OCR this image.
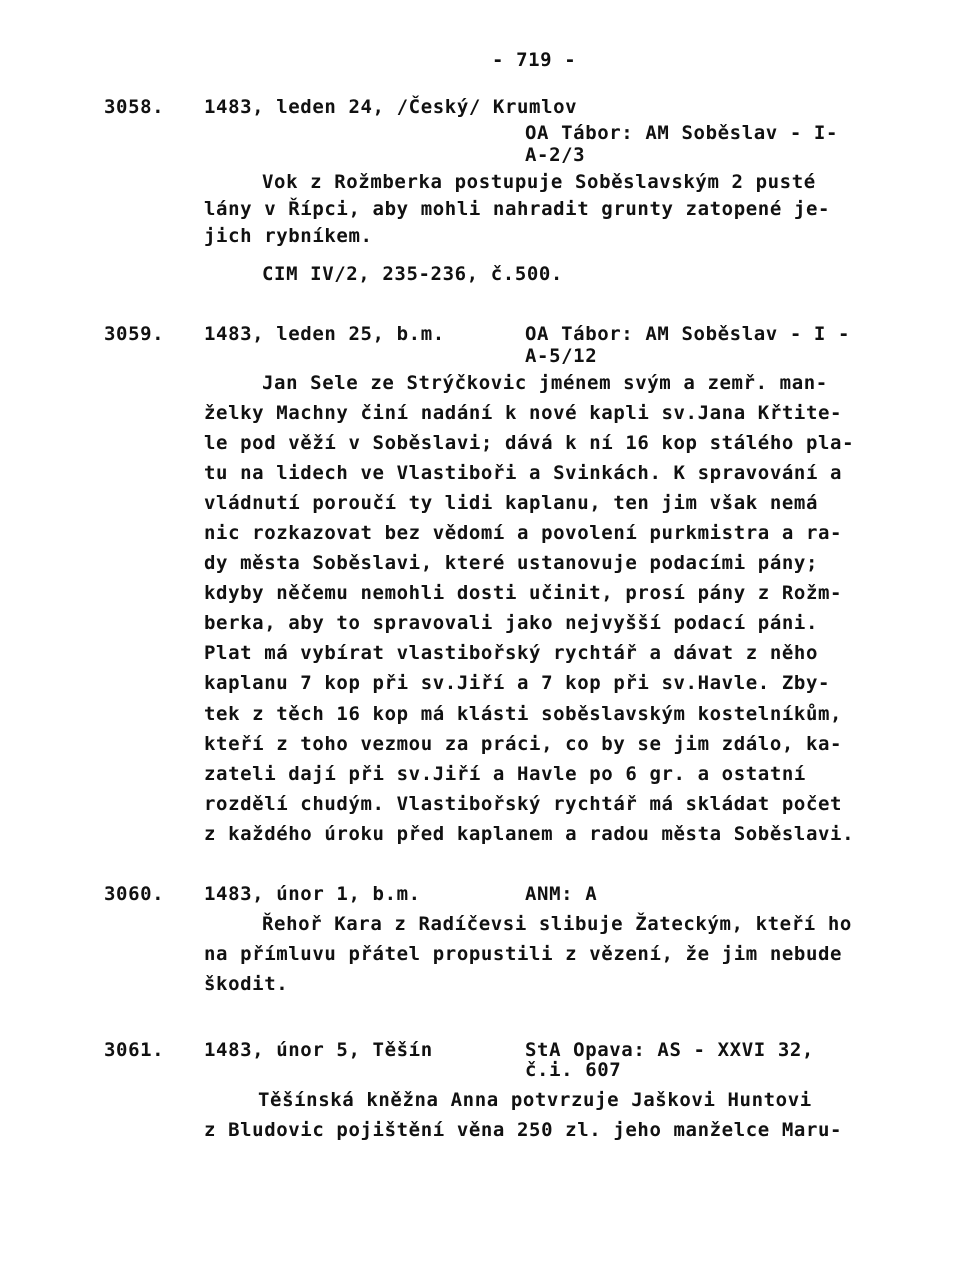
- 719 -
3058. 1483, leden 24, /Český/ Krumlov
OA Tábor: AM Soběslav - I-
A-2/3
Vok z Rožmberka postupuje Soběslavským 2 pusté
lány v Řípci, aby mohli nahradit grunty zatopené je-
jich rybníkem.
CIM IV/2, 235-236, č.500.
3059. 1483, leden 25, b.m.	OA Tábor: AM Soběslav - I -
A-5/12
Jan Sele ze Strýčkovic jménem svým a zemř. man-
želky Machny činí nadání k nové kapli sv.Jana Křtite-
le pod věží v Soběslavi; dává k ní 16 kop stálého pla-
tu na lidech ve Vlastiboři a Svinkách. K spravování a
vládnutí poroučí ty lidi kaplanu, ten jim však nemá
nic rozkazovat bez vědomí a povolení purkmistra a ra-
dy města Soběslavi, které ustanovuje podacími pány;
kdyby něčemu nemohli dosti učinit, prosí pány z Rožm-
berka, aby to spravovali jako nejvyšší podací páni.
Plat má vybírat vlastibořský rychtář a dávat z něho
kaplanu 7 kop při sv.Jiří a 7 kop při sv.Havle. Zby-
tek z těch 16 kop má klásti soběslavským kostelníkům,
kteří z toho vezmou za práci, co by se jim zdálo, ka-
zateli dají při sv.Jiří a Havle po 6 gr. a ostatní
rozdělí chudým. Vlastibořský rychtář má skládat počet
z každého úroku před kaplanem a radou města Soběslavi.
3060. 1483, únor 1, b.m.	ANM: A
Řehoř Kara z Radíčevsi slibuje Žateckým, kteří ho
na přímluvu přátel propustili z vězení, že jim nebude
škodit.
3061. 1483, únor 5, Těšín	StA Opava: AS - XXVI 32,
č.i. 607
Těšínská kněžna Anna potvrzuje Jaškovi Huntovi
z Bludovic pojištění věna 250 zl. jeho manželce Maru-
